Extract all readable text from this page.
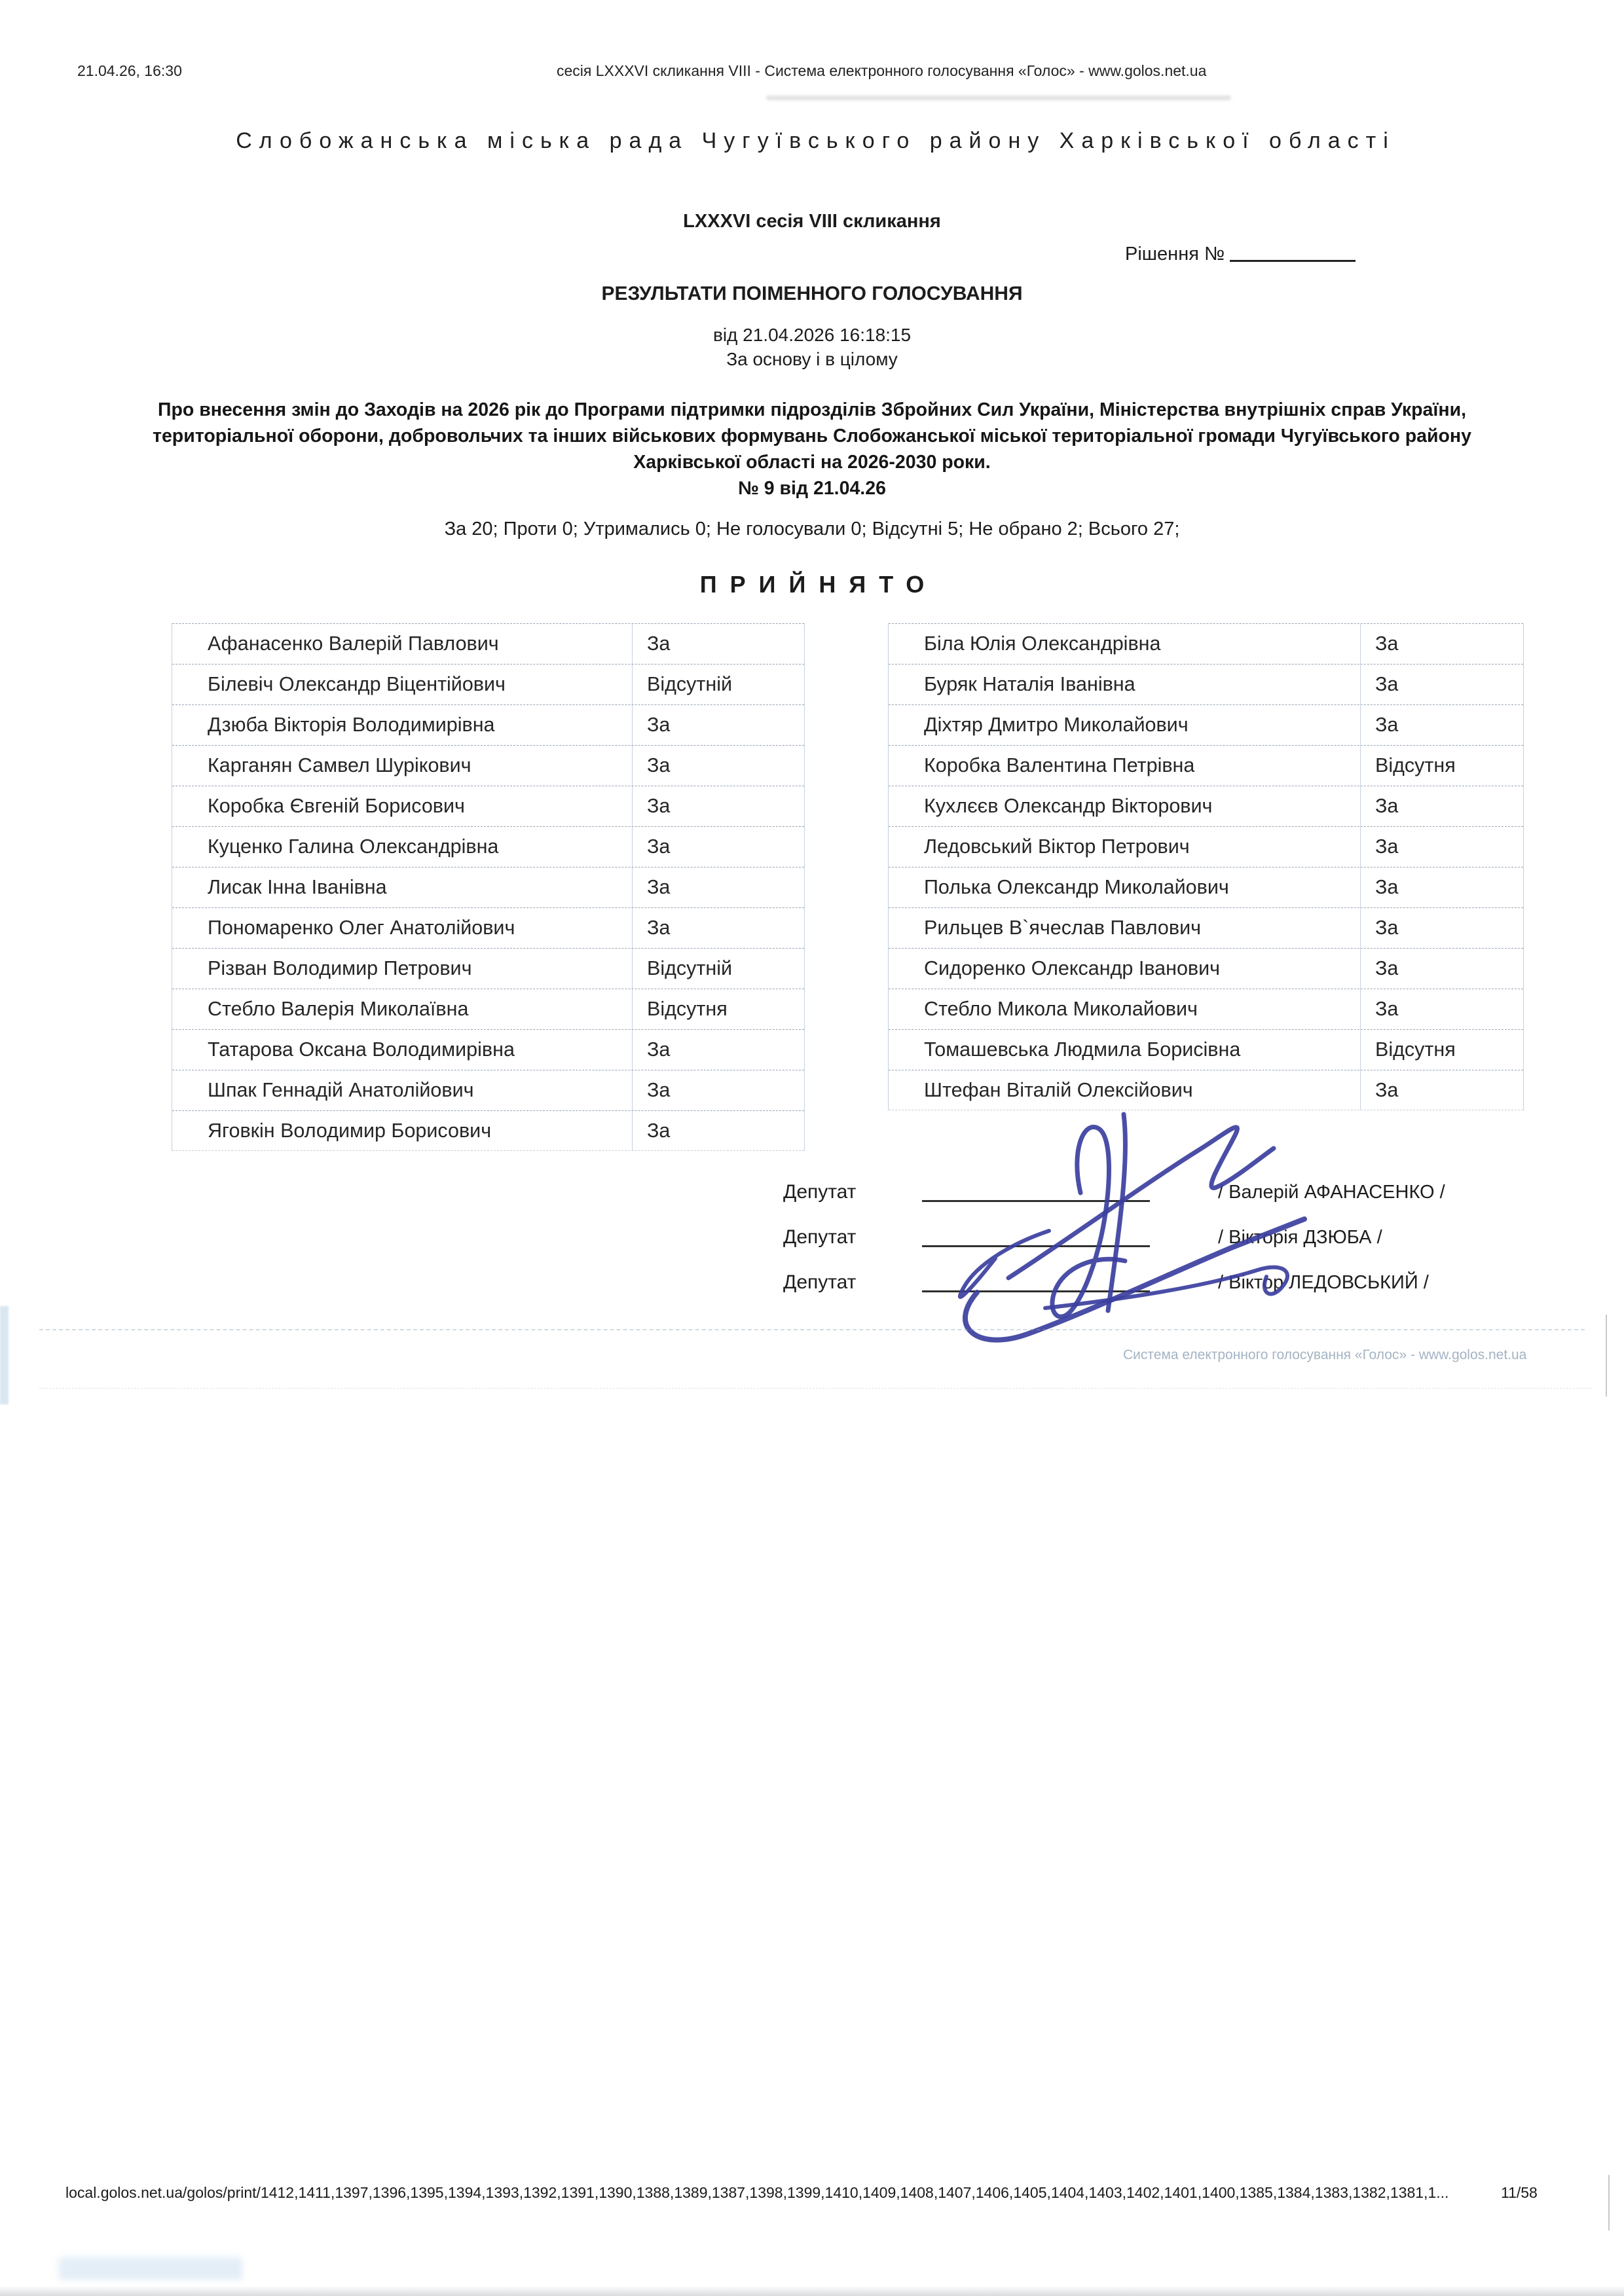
21.04.26, 16:30	сесія LXXXVI скликання VIII - Система електронного голосування «Голос» - www.golos.net.ua
Слобожанська міська рада Чугуївського району Харківської області
LXXXVI сесія VIII скликання
Рішення №
РЕЗУЛЬТАТИ ПОІМЕННОГО ГОЛОСУВАННЯ
від 21.04.2026 16:18:15
За основу і в цілому
Про внесення змін до Заходів на 2026 рік до Програми підтримки підрозділів Збройних Сил України, Міністерства внутрішніх справ України, територіальної оборони, добровольчих та інших військових формувань Слобожанської міської територіальної громади Чугуївського району Харківської області на 2026-2030 роки.
№ 9 від 21.04.26
За 20; Проти 0; Утримались 0; Не голосували 0; Відсутні 5; Не обрано 2; Всього 27;
ПРИЙНЯТО
Афанасенко Валерій Павлович	За
Білевіч Олександр Віцентійович	Відсутній
Дзюба Вікторія Володимирівна	За
Карганян Самвел Шурікович	За
Коробка Євгеній Борисович	За
Куценко Галина Олександрівна	За
Лисак Інна Іванівна	За
Пономаренко Олег Анатолійович	За
Різван Володимир Петрович	Відсутній
Стебло Валерія Миколаївна	Відсутня
Татарова Оксана Володимирівна	За
Шпак Геннадій Анатолійович	За
Яговкін Володимир Борисович	За
Біла Юлія Олександрівна	За
Буряк Наталія Іванівна	За
Діхтяр Дмитро Миколайович	За
Коробка Валентина Петрівна	Відсутня
Кухлєєв Олександр Вікторович	За
Ледовський Віктор Петрович	За
Полька Олександр Миколайович	За
Рильцев В`ячеслав Павлович	За
Сидоренко Олександр Іванович	За
Стебло Микола Миколайович	За
Томашевська Людмила Борисівна	Відсутня
Штефан Віталій Олексійович	За
Депутат	/ Валерій АФАНАСЕНКО /
Депутат	/ Вікторія ДЗЮБА /
Депутат	/ Віктор ЛЕДОВСЬКИЙ /
Система електронного голосування «Голос» - www.golos.net.ua
local.golos.net.ua/golos/print/1412,1411,1397,1396,1395,1394,1393,1392,1391,1390,1388,1389,1387,1398,1399,1410,1409,1408,1407,1406,1405,1404,1403,1402,1401,1400,1385,1384,1383,1382,1381,1...	11/58
